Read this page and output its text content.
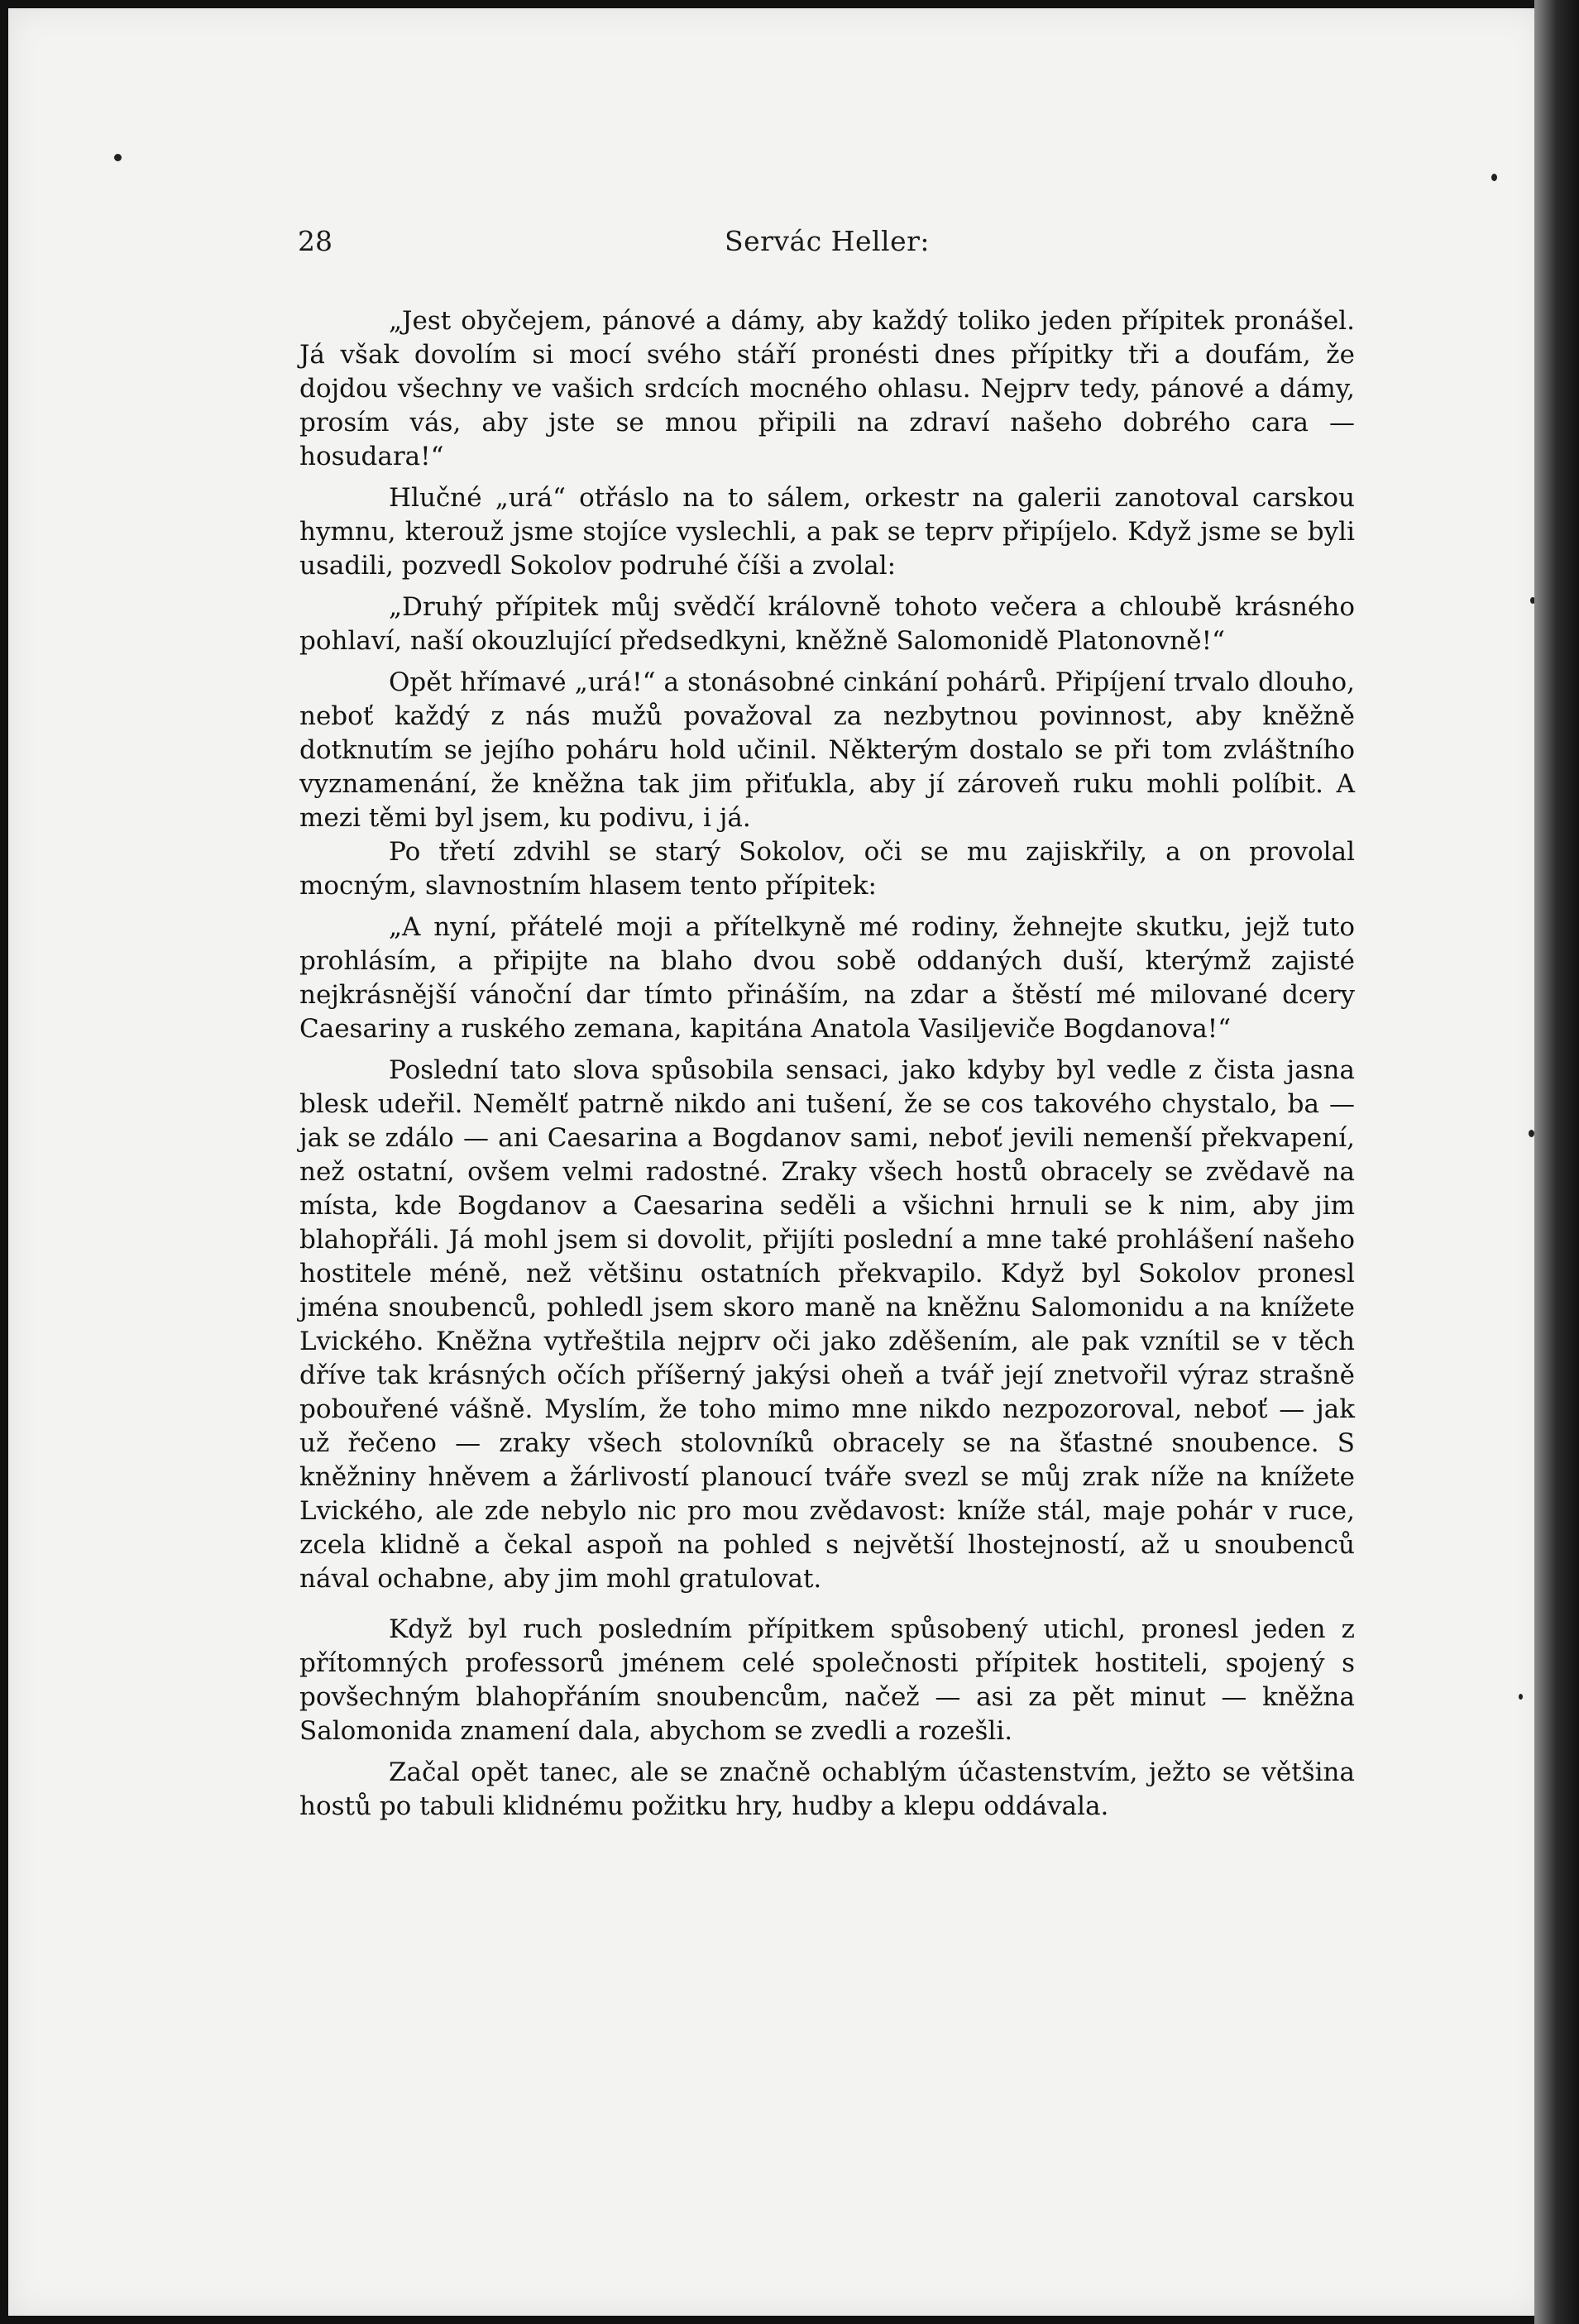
28	Servác Heller:

„Jest obyčejem, pánové a dámy, aby každý toliko jeden přípitek pronášel. Já však dovolím si mocí svého stáří pronésti dnes přípitky tři a doufám, že dojdou všechny ve vašich srdcích mocného ohlasu. Nejprv tedy, pánové a dámy, prosím vás, aby jste se mnou připili na zdraví našeho dobrého cara — hosudara!“

Hlučné „urá“ otřáslo na to sálem, orkestr na galerii zanotoval carskou hymnu, kterouž jsme stojíce vyslechli, a pak se teprv připíjelo. Když jsme se byli usadili, pozvedl Sokolov podruhé číši a zvolal:

„Druhý přípitek můj svědčí královně tohoto večera a chloubě krásného pohlaví, naší okouzlující předsedkyni, kněžně Salomonidě Platonovně!“

Opět hřímavé „urá!“ a stonásobné cinkání pohárů. Připíjení trvalo dlouho, neboť každý z nás mužů považoval za nezbytnou povinnost, aby kněžně dotknutím se jejího poháru hold učinil. Některým dostalo se při tom zvláštního vyznamenání, že kněžna tak jim přiťukla, aby jí zároveň ruku mohli políbit. A mezi těmi byl jsem, ku podivu, i já.

Po třetí zdvihl se starý Sokolov, oči se mu zajiskřily, a on provolal mocným, slavnostním hlasem tento přípitek:

„A nyní, přátelé moji a přítelkyně mé rodiny, žehnejte skutku, jejž tuto prohlásím, a připijte na blaho dvou sobě oddaných duší, kterýmž zajisté nejkrásnější vánoční dar tímto přináším, na zdar a štěstí mé milované dcery Caesariny a ruského zemana, kapitána Anatola Vasiljeviče Bogdanova!“

Poslední tato slova spůsobila sensaci, jako kdyby byl vedle z čista jasna blesk udeřil. Nemělť patrně nikdo ani tušení, že se cos takového chystalo, ba — jak se zdálo — ani Caesarina a Bogdanov sami, neboť jevili nemenší překvapení, než ostatní, ovšem velmi radostné. Zraky všech hostů obracely se zvědavě na místa, kde Bogdanov a Caesarina seděli a všichni hrnuli se k nim, aby jim blahopřáli. Já mohl jsem si dovolit, přijíti poslední a mne také prohlášení našeho hostitele méně, než většinu ostatních překvapilo. Když byl Sokolov pronesl jména snoubenců, pohledl jsem skoro maně na kněžnu Salomonidu a na knížete Lvického. Kněžna vytřeštila nejprv oči jako zděšením, ale pak vznítil se v těch dříve tak krásných očích příšerný jakýsi oheň a tvář její znetvořil výraz strašně pobouřené vášně. Myslím, že toho mimo mne nikdo nezpozoroval, neboť — jak už řečeno — zraky všech stolovníků obracely se na šťastné snoubence. S kněžniny hněvem a žárlivostí planoucí tváře svezl se můj zrak níže na knížete Lvického, ale zde nebylo nic pro mou zvědavost: kníže stál, maje pohár v ruce, zcela klidně a čekal aspoň na pohled s největší lhostejností, až u snoubenců nával ochabne, aby jim mohl gratulovat.

Když byl ruch posledním přípitkem spůsobený utichl, pronesl jeden z přítomných professorů jménem celé společnosti přípitek hostiteli, spojený s povšechným blahopřáním snoubencům, načež — asi za pět minut — kněžna Salomonida znamení dala, abychom se zvedli a rozešli.

Začal opět tanec, ale se značně ochablým účastenstvím, ježto se většina hostů po tabuli klidnému požitku hry, hudby a klepu oddávala.
